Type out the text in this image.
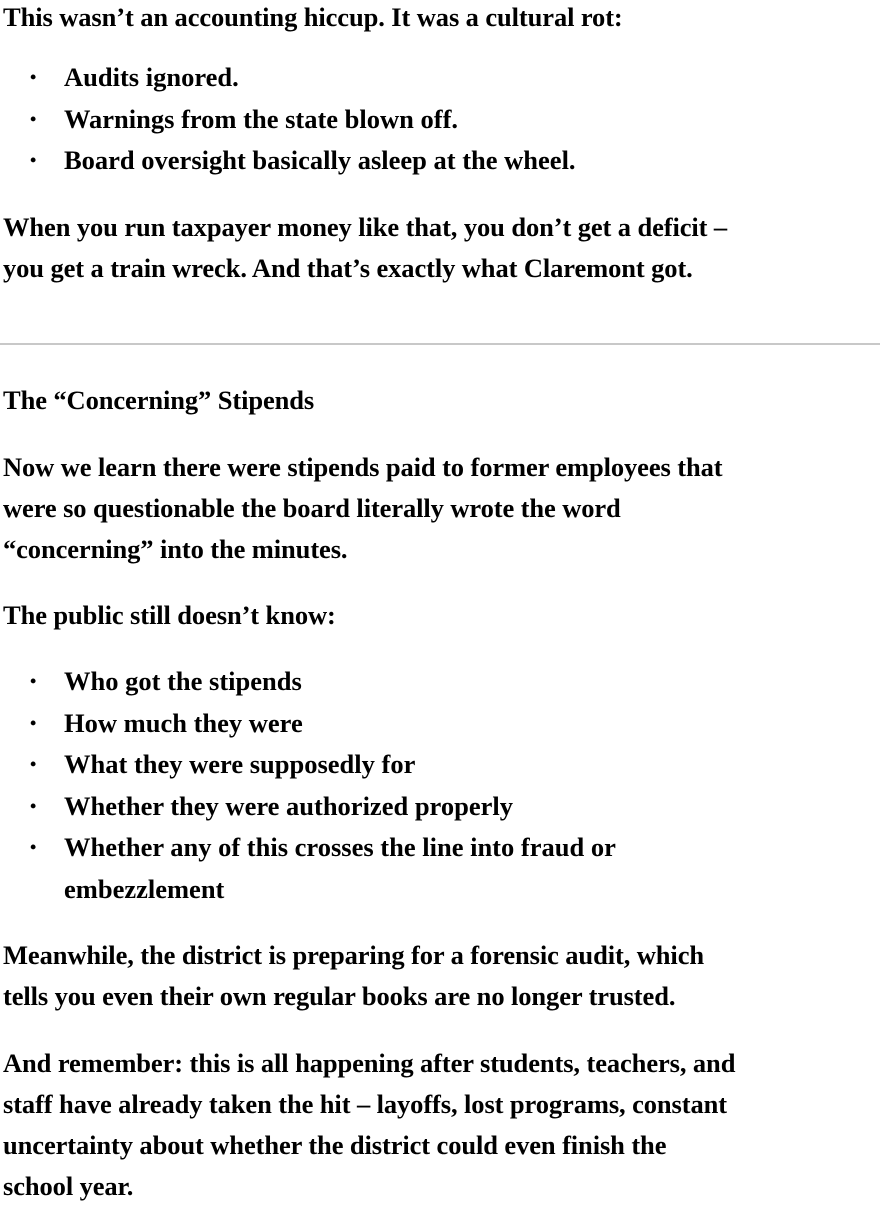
This wasn’t an accounting hiccup. It was a cultural rot:

• Audits ignored.
• Warnings from the state blown off.
• Board oversight basically asleep at the wheel.

When you run taxpayer money like that, you don’t get a deficit –
you get a train wreck. And that’s exactly what Claremont got.

The “Concerning” Stipends

Now we learn there were stipends paid to former employees that
were so questionable the board literally wrote the word
“concerning” into the minutes.

The public still doesn’t know:

• Who got the stipends
• How much they were
• What they were supposedly for
• Whether they were authorized properly
• Whether any of this crosses the line into fraud or
embezzlement

Meanwhile, the district is preparing for a forensic audit, which
tells you even their own regular books are no longer trusted.

And remember: this is all happening after students, teachers, and
staff have already taken the hit – layoffs, lost programs, constant
uncertainty about whether the district could even finish the
school year.
